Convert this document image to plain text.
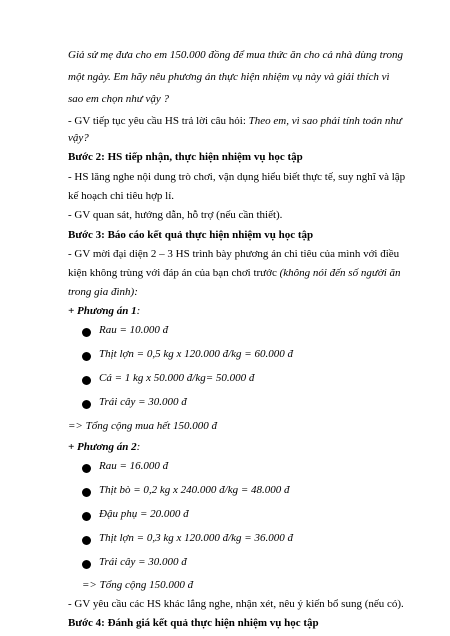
Giả sử mẹ đưa cho em 150.000 đồng để mua thức ăn cho cả nhà dùng trong
một ngày. Em hãy nêu phương án thực hiện nhiệm vụ này và giải thích vì
sao em chọn như vậy ?
- GV tiếp tục yêu cầu HS trả lời câu hỏi: Theo em, vì sao phải tính toán như
vậy?
Bước 2: HS tiếp nhận, thực hiện nhiệm vụ học tập
- HS lăng nghe nội dung trò chơi, vận dụng hiểu biết thực tế, suy nghĩ và lập
kế hoạch chi tiêu hợp lí.
- GV quan sát, hướng dẫn, hỗ trợ (nếu cần thiết).
Bước 3: Báo cáo kết quả thực hiện nhiệm vụ học tập
- GV mời đại diện 2 – 3 HS trình bày phương án chi tiêu của mình với điều
kiện không trùng với đáp án của bạn chơi trước (không nói đến số người ăn
trong gia đình):
+ Phương án 1:
Rau = 10.000 đ
Thịt lợn = 0,5 kg x 120.000 đ/kg = 60.000 đ
Cá = 1 kg x 50.000 đ/kg= 50.000 đ
Trái cây = 30.000 đ
=> Tổng cộng mua hết 150.000 đ
+ Phương án 2:
Rau = 16.000 đ
Thịt bò = 0,2 kg x 240.000 đ/kg = 48.000 đ
Đậu phụ = 20.000 đ
Thịt lợn = 0,3 kg x 120.000 đ/kg = 36.000 đ
Trái cây = 30.000 đ
=> Tổng cộng 150.000 đ
- GV yêu cầu các HS khác lắng nghe, nhận xét, nêu ý kiến bổ sung (nếu có).
Bước 4: Đánh giá kết quả thực hiện nhiệm vụ học tập
